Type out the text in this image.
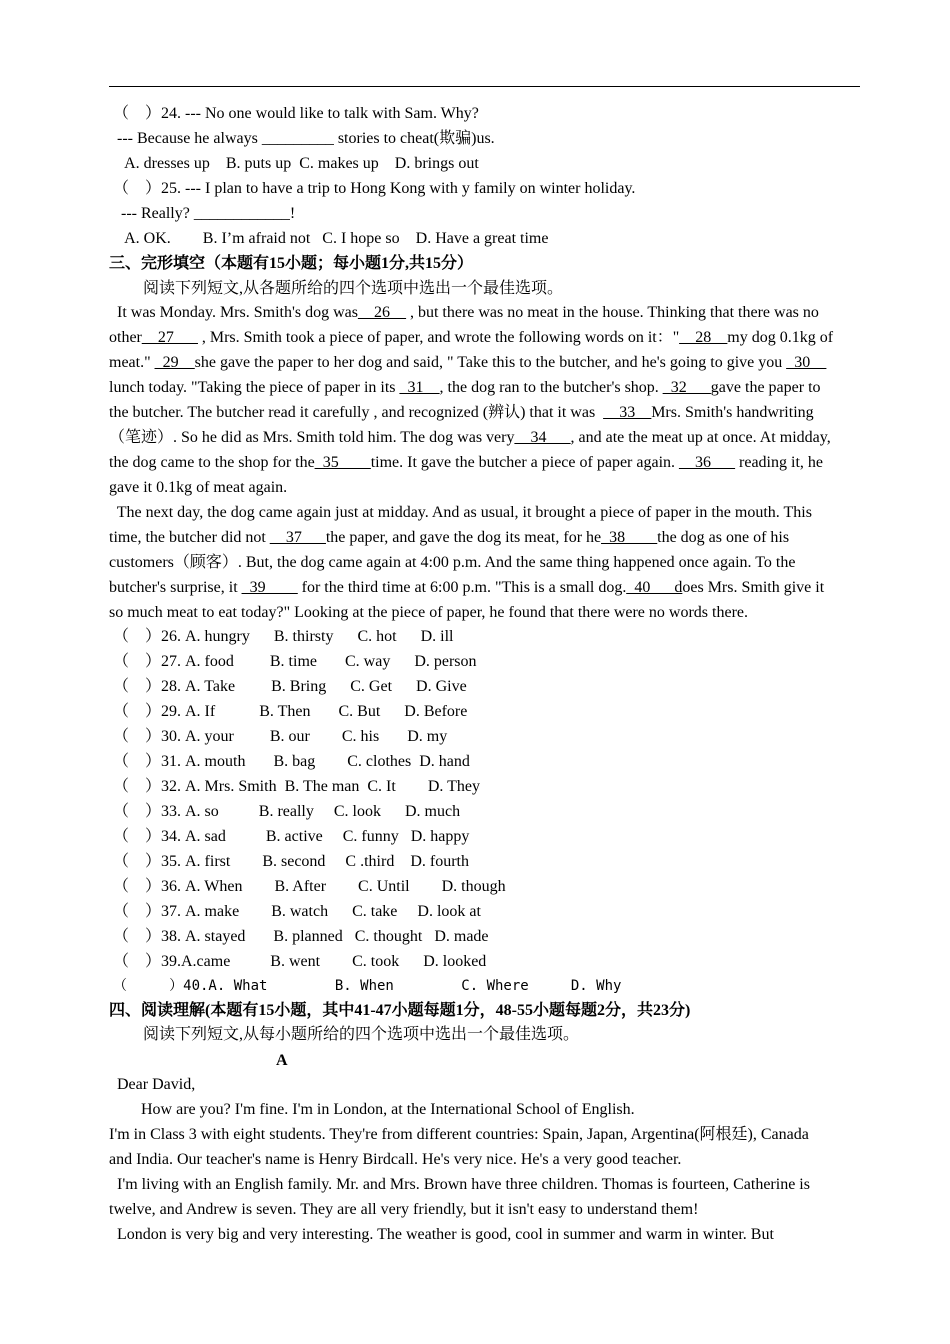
（    ）24. --- No one would like to talk with Sam. Why?
--- Because he always _________ stories to cheat(欺骗)us.
A. dresses up    B. puts up  C. makes up    D. brings out
（    ）25. --- I plan to have a trip to Hong Kong with y family on winter holiday.
--- Really? ____________!
A. OK.        B. I’m afraid not   C. I hope so    D. Have a great time
三、完形填空（本题有15小题；每小题1分,共15分）
阅读下列短文,从各题所给的四个选项中选出一个最佳选项。
It was Monday. Mrs. Smith's dog was__26__ , but there was no meat in the house. Thinking that there was no
other__27___ , Mrs. Smith took a piece of paper, and wrote the following words on it："__28__my dog 0.1kg of
meat." _29__she gave the paper to her dog and said, " Take this to the butcher, and he's going to give you _30__
lunch today. "Taking the piece of paper in its _31__, the dog ran to the butcher's shop. _32___gave the paper to
the butcher. The butcher read it carefully , and recognized (辨认) that it was  __33__Mrs. Smith's handwriting
（笔迹）. So he did as Mrs. Smith told him. The dog was very__34___, and ate the meat up at once. At midday,
the dog came to the shop for the_35____time. It gave the butcher a piece of paper again. __36___ reading it, he
gave it 0.1kg of meat again.
The next day, the dog came again just at midday. And as usual, it brought a piece of paper in the mouth. This
time, the butcher did not __37___the paper, and gave the dog its meat, for he_38____the dog as one of his
customers（顾客）. But, the dog came again at 4:00 p.m. And the same thing happened once again. To the
butcher's surprise, it _39____ for the third time at 6:00 p.m. "This is a small dog._40___does Mrs. Smith give it
so much meat to eat today?" Looking at the piece of paper, he found that there were no words there.
（    ）26. A. hungry      B. thirsty      C. hot      D. ill
（    ）27. A. food         B. time       C. way      D. person
（    ）28. A. Take         B. Bring      C. Get      D. Give
（    ）29. A. If           B. Then       C. But      D. Before
（    ）30. A. your         B. our        C. his       D. my
（    ）31. A. mouth       B. bag        C. clothes  D. hand
（    ）32. A. Mrs. Smith  B. The man  C. It        D. They
（    ）33. A. so          B. really     C. look      D. much
（    ）34. A. sad          B. active     C. funny   D. happy
（    ）35. A. first        B. second     C .third    D. fourth
（    ）36. A. When        B. After        C. Until        D. though
（    ）37. A. make        B. watch      C. take     D. look at
（    ）38. A. stayed       B. planned   C. thought   D. made
（    ）39.A.came          B. went        C. took      D. looked
（     ）40.A. What        B. When        C. Where     D. Why
四、阅读理解(本题有15小题，其中41-47小题每题1分，48-55小题每题2分，共23分)
阅读下列短文,从每小题所给的四个选项中选出一个最佳选项。
A
Dear David,
How are you? I'm fine. I'm in London, at the International School of English.
I'm in Class 3 with eight students. They're from different countries: Spain, Japan, Argentina(阿根廷), Canada
and India. Our teacher's name is Henry Birdcall. He's very nice. He's a very good teacher.
I'm living with an English family. Mr. and Mrs. Brown have three children. Thomas is fourteen, Catherine is
twelve, and Andrew is seven. They are all very friendly, but it isn't easy to understand them!
London is very big and very interesting. The weather is good, cool in summer and warm in winter. But
